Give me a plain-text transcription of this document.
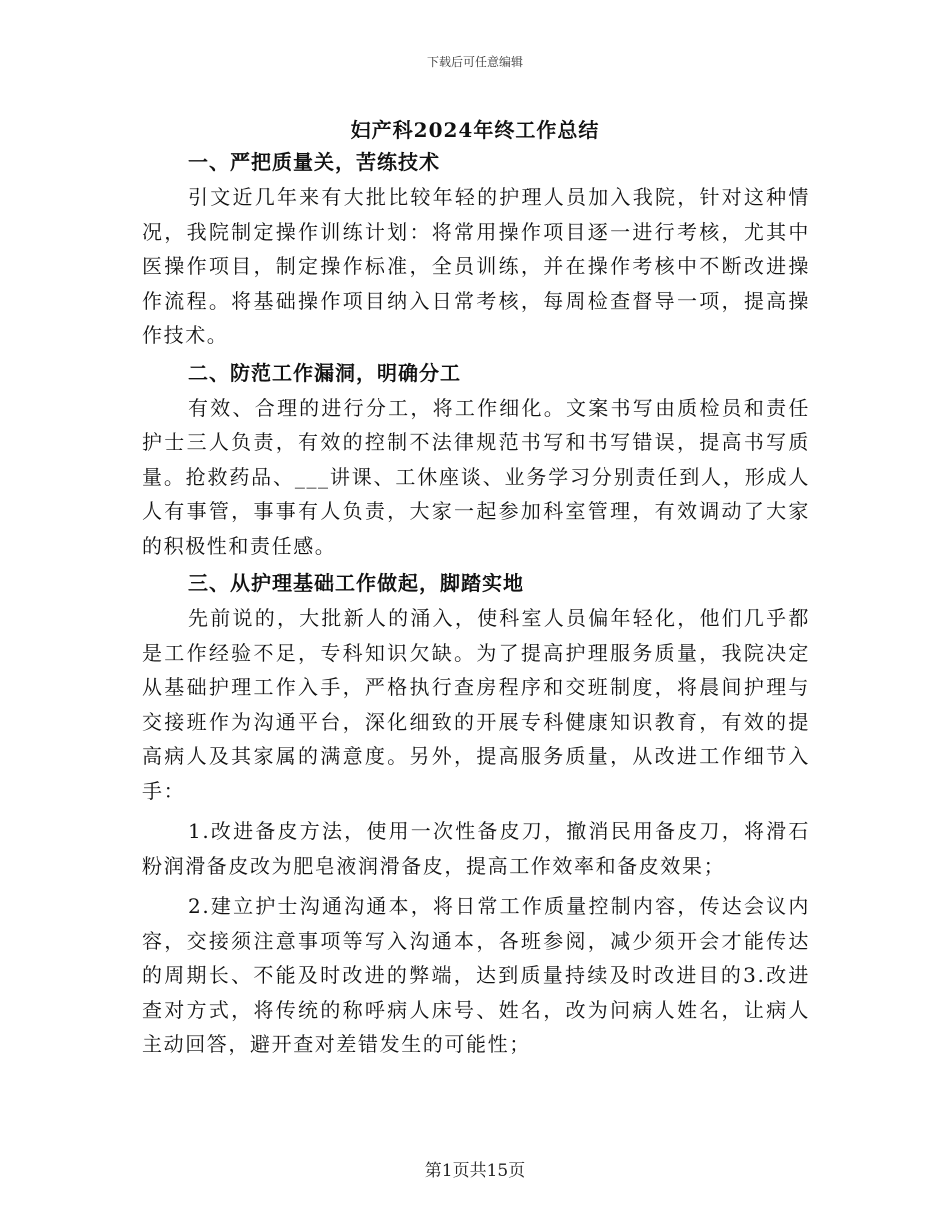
下载后可任意编辑
妇产科2024年终工作总结

一、严把质量关，苦练技术

引文近几年来有大批比较年轻的护理人员加入我院，针对这种情况，我院制定操作训练计划：将常用操作项目逐一进行考核，尤其中医操作项目，制定操作标准，全员训练，并在操作考核中不断改进操作流程。将基础操作项目纳入日常考核，每周检查督导一项，提高操作技术。

二、防范工作漏洞，明确分工

有效、合理的进行分工，将工作细化。文案书写由质检员和责任护士三人负责，有效的控制不法律规范书写和书写错误，提高书写质量。抢救药品、___讲课、工休座谈、业务学习分别责任到人，形成人人有事管，事事有人负责，大家一起参加科室管理，有效调动了大家的积极性和责任感。

三、从护理基础工作做起，脚踏实地

先前说的，大批新人的涌入，使科室人员偏年轻化，他们几乎都是工作经验不足，专科知识欠缺。为了提高护理服务质量，我院决定从基础护理工作入手，严格执行查房程序和交班制度，将晨间护理与交接班作为沟通平台，深化细致的开展专科健康知识教育，有效的提高病人及其家属的满意度。另外，提高服务质量，从改进工作细节入手：

1.改进备皮方法，使用一次性备皮刀，撤消民用备皮刀，将滑石粉润滑备皮改为肥皂液润滑备皮，提高工作效率和备皮效果；

2.建立护士沟通沟通本，将日常工作质量控制内容，传达会议内容，交接须注意事项等写入沟通本，各班参阅，减少须开会才能传达的周期长、不能及时改进的弊端，达到质量持续及时改进目的3.改进查对方式，将传统的称呼病人床号、姓名，改为问病人姓名，让病人主动回答，避开查对差错发生的可能性；

第1页共15页
